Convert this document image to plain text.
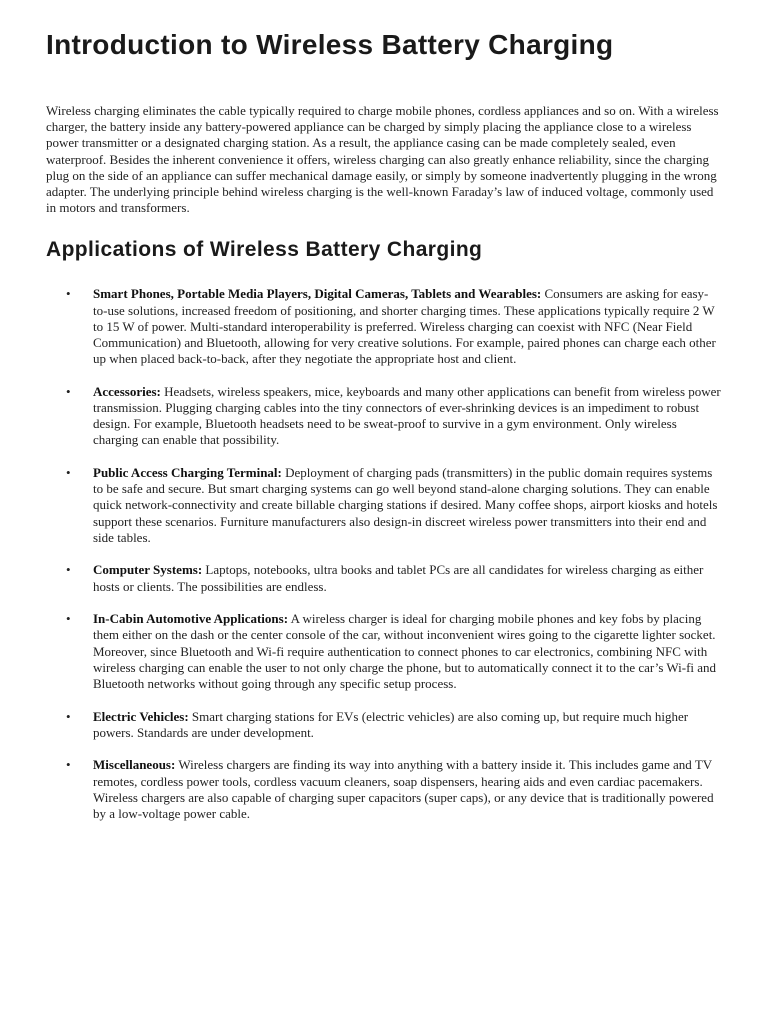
Introduction to Wireless Battery Charging

Wireless charging eliminates the cable typically required to charge mobile phones, cordless appliances and so on. With a wireless charger, the battery inside any battery-powered appliance can be charged by simply placing the appliance close to a wireless power transmitter or a designated charging station. As a result, the appliance casing can be made completely sealed, even waterproof. Besides the inherent convenience it offers, wireless charging can also greatly enhance reliability, since the charging plug on the side of an appliance can suffer mechanical damage easily, or simply by someone inadvertently plugging in the wrong adapter. The underlying principle behind wireless charging is the well-known Faraday’s law of induced voltage, commonly used in motors and transformers.

Applications of Wireless Battery Charging
• Smart Phones, Portable Media Players, Digital Cameras, Tablets and Wearables: Consumers are asking for easy-to-use solutions, increased freedom of positioning, and shorter charging times. These applications typically require 2 W to 15 W of power. Multi-standard interoperability is preferred. Wireless charging can coexist with NFC (Near Field Communication) and Bluetooth, allowing for very creative solutions. For example, paired phones can charge each other up when placed back-to-back, after they negotiate the appropriate host and client.
• Accessories: Headsets, wireless speakers, mice, keyboards and many other applications can benefit from wireless power transmission. Plugging charging cables into the tiny connectors of ever-shrinking devices is an impediment to robust design. For example, Bluetooth headsets need to be sweat-proof to survive in a gym environment. Only wireless charging can enable that possibility.
• Public Access Charging Terminal: Deployment of charging pads (transmitters) in the public domain requires systems to be safe and secure. But smart charging systems can go well beyond stand-alone charging solutions. They can enable quick network-connectivity and create billable charging stations if desired. Many coffee shops, airport kiosks and hotels support these scenarios. Furniture manufacturers also design-in discreet wireless power transmitters into their end and side tables.
• Computer Systems: Laptops, notebooks, ultra books and tablet PCs are all candidates for wireless charging as either hosts or clients. The possibilities are endless.
• In-Cabin Automotive Applications: A wireless charger is ideal for charging mobile phones and key fobs by placing them either on the dash or the center console of the car, without inconvenient wires going to the cigarette lighter socket. Moreover, since Bluetooth and Wi-fi require authentication to connect phones to car electronics, combining NFC with wireless charging can enable the user to not only charge the phone, but to automatically connect it to the car’s Wi-fi and Bluetooth networks without going through any specific setup process.
• Electric Vehicles: Smart charging stations for EVs (electric vehicles) are also coming up, but require much higher powers. Standards are under development.
• Miscellaneous: Wireless chargers are finding its way into anything with a battery inside it. This includes game and TV remotes, cordless power tools, cordless vacuum cleaners, soap dispensers, hearing aids and even cardiac pacemakers. Wireless chargers are also capable of charging super capacitors (super caps), or any device that is traditionally powered by a low-voltage power cable.
